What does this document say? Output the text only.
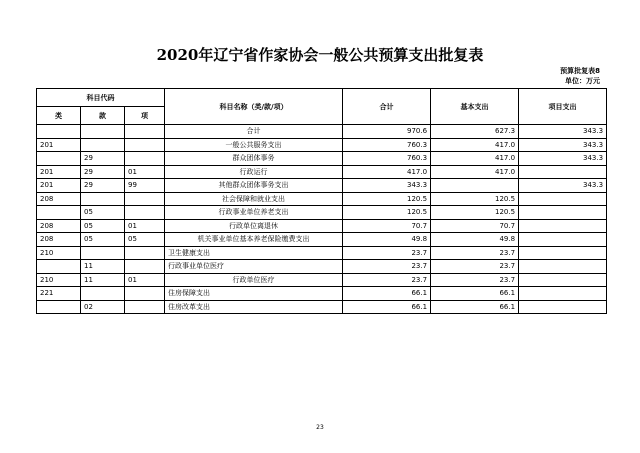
2020年辽宁省作家协会一般公共预算支出批复表
预算批复表8
单位：万元
科目代码			科目名称（类/款/项）	合计	基本支出	项目支出
类	款	项				
			合计	970.6	627.3	343.3
201			一般公共服务支出	760.3	417.0	343.3
	29		群众团体事务	760.3	417.0	343.3
201	29	01	行政运行	417.0	417.0	
201	29	99	其他群众团体事务支出	343.3		343.3
208			社会保障和就业支出	120.5	120.5	
	05		行政事业单位养老支出	120.5	120.5	
208	05	01	行政单位离退休	70.7	70.7	
208	05	05	机关事业单位基本养老保险缴费支出	49.8	49.8	
210			卫生健康支出	23.7	23.7	
	11		行政事业单位医疗	23.7	23.7	
210	11	01	行政单位医疗	23.7	23.7	
221			住房保障支出	66.1	66.1	
	02		住房改革支出	66.1	66.1	
23
